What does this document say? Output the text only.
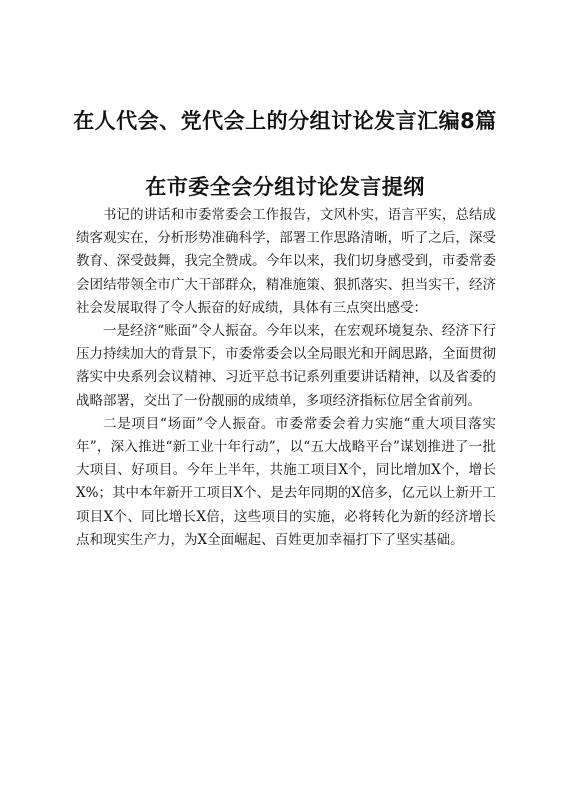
在人代会、党代会上的分组讨论发言汇编8篇
在市委全会分组讨论发言提纲

书记的讲话和市委常委会工作报告，文风朴实，语言平实，总结成绩客观实在，分析形势准确科学，部署工作思路清晰，听了之后，深受教育、深受鼓舞，我完全赞成。今年以来，我们切身感受到，市委常委会团结带领全市广大干部群众，精准施策、狠抓落实、担当实干，经济社会发展取得了令人振奋的好成绩，具体有三点突出感受：

一是经济“账面”令人振奋。今年以来，在宏观环境复杂、经济下行压力持续加大的背景下，市委常委会以全局眼光和开阔思路，全面贯彻落实中央系列会议精神、习近平总书记系列重要讲话精神，以及省委的战略部署，交出了一份靓丽的成绩单，多项经济指标位居全省前列。

二是项目“场面”令人振奋。市委常委会着力实施“重大项目落实年”，深入推进“新工业十年行动”，以“五大战略平台”谋划推进了一批大项目、好项目。今年上半年，共施工项目X个，同比增加X个，增长X%；其中本年新开工项目X个、是去年同期的X倍多，亿元以上新开工项目X个、同比增长X倍，这些项目的实施，必将转化为新的经济增长点和现实生产力，为X全面崛起、百姓更加幸福打下了坚实基础。
